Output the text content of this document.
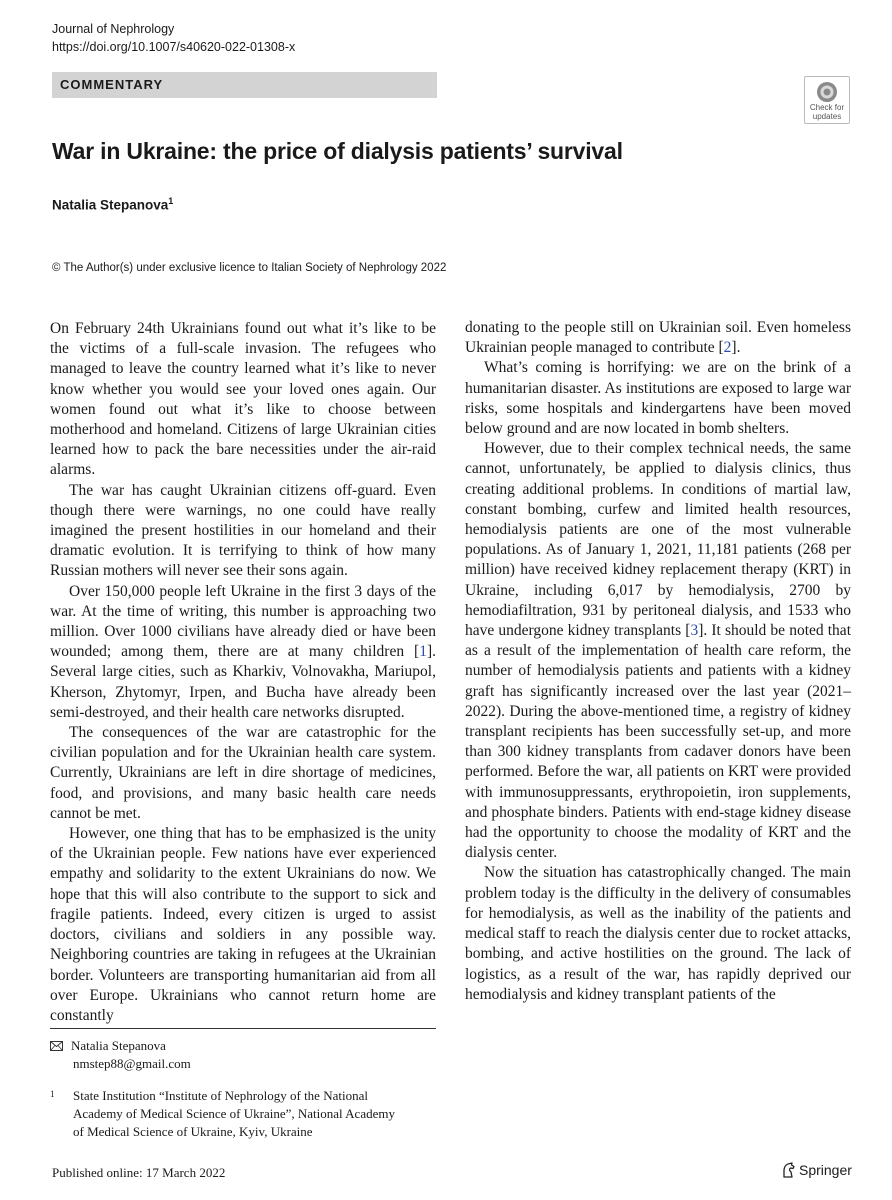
Journal of Nephrology
https://doi.org/10.1007/s40620-022-01308-x
COMMENTARY
Check for
updates
War in Ukraine: the price of dialysis patients’ survival
Natalia Stepanova$^1$
© The Author(s) under exclusive licence to Italian Society of Nephrology 2022

On February 24th Ukrainians found out what it’s like to be the victims of a full-scale invasion. The refugees who managed to leave the country learned what it’s like to never know whether you would see your loved ones again. Our women found out what it’s like to choose between motherhood and homeland. Citizens of large Ukrainian cities learned how to pack the bare necessities under the air-raid alarms.

The war has caught Ukrainian citizens off-guard. Even though there were warnings, no one could have really imagined the present hostilities in our homeland and their dramatic evolution. It is terrifying to think of how many Russian mothers will never see their sons again.

Over 150,000 people left Ukraine in the first 3 days of the war. At the time of writing, this number is approaching two million. Over 1000 civilians have already died or have been wounded; among them, there are at many children [1]. Several large cities, such as Kharkiv, Volnovakha, Mariupol, Kherson, Zhytomyr, Irpen, and Bucha have already been semi-destroyed, and their health care networks disrupted.

The consequences of the war are catastrophic for the civilian population and for the Ukrainian health care system. Currently, Ukrainians are left in dire shortage of medicines, food, and provisions, and many basic health care needs cannot be met.

However, one thing that has to be emphasized is the unity of the Ukrainian people. Few nations have ever experienced empathy and solidarity to the extent Ukrainians do now. We hope that this will also contribute to the support to sick and fragile patients. Indeed, every citizen is urged to assist doctors, civilians and soldiers in any possible way. Neighboring countries are taking in refugees at the Ukrainian border. Volunteers are transporting humanitarian aid from all over Europe. Ukrainians who cannot return home are constantly

donating to the people still on Ukrainian soil. Even homeless Ukrainian people managed to contribute [2].

What’s coming is horrifying: we are on the brink of a humanitarian disaster. As institutions are exposed to large war risks, some hospitals and kindergartens have been moved below ground and are now located in bomb shelters.

However, due to their complex technical needs, the same cannot, unfortunately, be applied to dialysis clinics, thus creating additional problems. In conditions of martial law, constant bombing, curfew and limited health resources, hemodialysis patients are one of the most vulnerable populations. As of January 1, 2021, 11,181 patients (268 per million) have received kidney replacement therapy (KRT) in Ukraine, including 6,017 by hemodialysis, 2700 by hemodiafiltration, 931 by peritoneal dialysis, and 1533 who have undergone kidney transplants [3]. It should be noted that as a result of the implementation of health care reform, the number of hemodialysis patients and patients with a kidney graft has significantly increased over the last year (2021–2022). During the above-mentioned time, a registry of kidney transplant recipients has been successfully set-up, and more than 300 kidney transplants from cadaver donors have been performed. Before the war, all patients on KRT were provided with immunosuppressants, erythropoietin, iron supplements, and phosphate binders. Patients with end-stage kidney disease had the opportunity to choose the modality of KRT and the dialysis center.

Now the situation has catastrophically changed. The main problem today is the difficulty in the delivery of consumables for hemodialysis, as well as the inability of the patients and medical staff to reach the dialysis center due to rocket attacks, bombing, and active hostilities on the ground. The lack of logistics, as a result of the war, has rapidly deprived our hemodialysis and kidney transplant patients of the

Natalia Stepanova
nmstep88@gmail.com
1 State Institution “Institute of Nephrology of the National Academy of Medical Science of Ukraine”, National Academy of Medical Science of Ukraine, Kyiv, Ukraine
Published online: 17 March 2022	Springer
